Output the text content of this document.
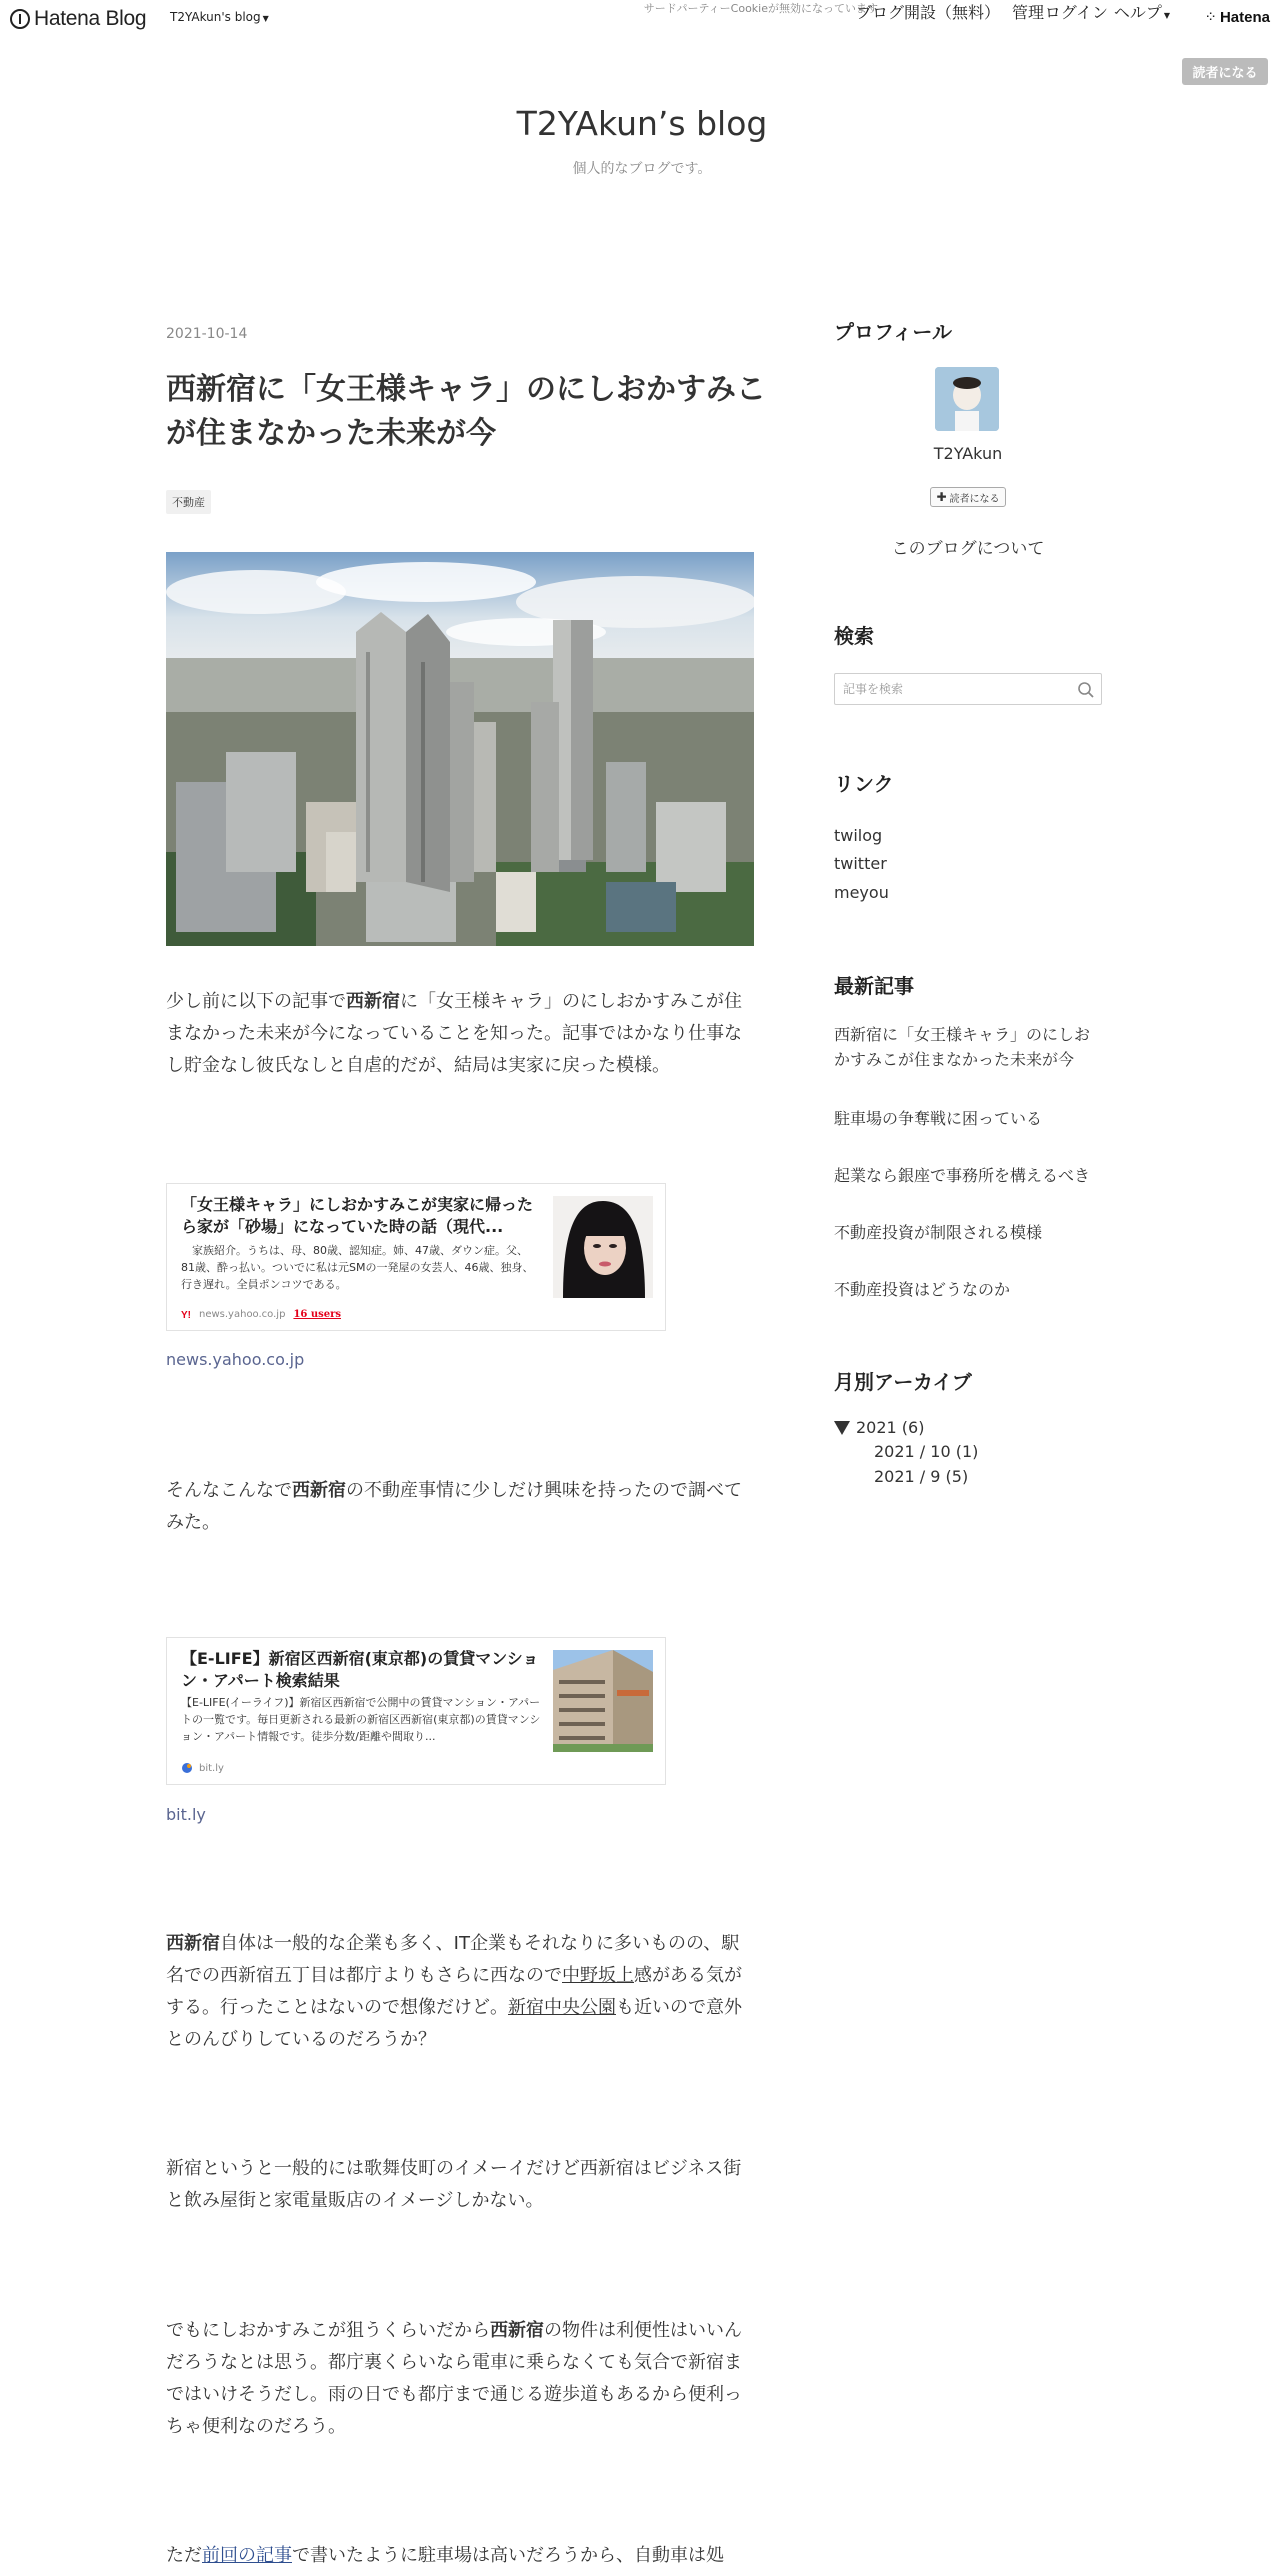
Hatena Blog T2YAkun's blog ▼
サードパーティーCookieが無効になっています
ブログ開設（無料） 管理 ログイン ヘルプ ▼ ⁘ Hatena
読者になる
T2YAkun’s blog
個人的なブログです。
2021-10-14
西新宿に「女王様キャラ」のにしおかすみこが住まなかった未来が今
不動産
少し前に以下の記事で西新宿に「女王様キャラ」のにしおかすみこが住まなかった未来が今になっていることを知った。記事ではかなり仕事なし貯金なし彼氏なしと自虐的だが、結局は実家に戻った模様。
「女王様キャラ」にしおかすみこが実家に帰ったら家が「砂場」になっていた時の話（現代...
　家族紹介。うちは、母、80歳、認知症。姉、47歳、ダウン症。父、81歳、酔っ払い。ついでに私は元SMの一発屋の女芸人、46歳、独身、行き遅れ。全員ポンコツである。
Y! news.yahoo.co.jp 16 users
news.yahoo.co.jp
そんなこんなで西新宿の不動産事情に少しだけ興味を持ったので調べてみた。
【E-LIFE】新宿区西新宿(東京都)の賃貸マンション・アパート検索結果
【E-LIFE(イーライフ)】新宿区西新宿で公開中の賃貸マンション・アパートの一覧です。毎日更新される最新の新宿区西新宿(東京都)の賃貸マンション・アパート情報です。徒歩分数/距離や間取り...
bit.ly
bit.ly
西新宿自体は一般的な企業も多く、IT企業もそれなりに多いものの、駅名での西新宿五丁目は都庁よりもさらに西なので中野坂上感がある気がする。行ったことはないので想像だけど。新宿中央公園も近いので意外とのんびりしているのだろうか？
新宿というと一般的には歌舞伎町のイメーイだけど西新宿はビジネス街と飲み屋街と家電量販店のイメージしかない。
でもにしおかすみこが狙うくらいだから西新宿の物件は利便性はいいんだろうなとは思う。都庁裏くらいなら電車に乗らなくても気合で新宿まではいけそうだし。雨の日でも都庁まで通じる遊歩道もあるから便利っちゃ便利なのだろう。
ただ前回の記事で書いたように駐車場は高いだろうから、自動車は処
プロフィール
T2YAkun
✚ 読者になる
このブログについて
検索
記事を検索
リンク
twilog
twitter
meyou
最新記事
西新宿に「女王様キャラ」のにしおかすみこが住まなかった未来が今
駐車場の争奪戦に困っている
起業なら銀座で事務所を構えるべき
不動産投資が制限される模様
不動産投資はどうなのか
月別アーカイブ
2021 (6)
2021 / 10 (1)
2021 / 9 (5)
